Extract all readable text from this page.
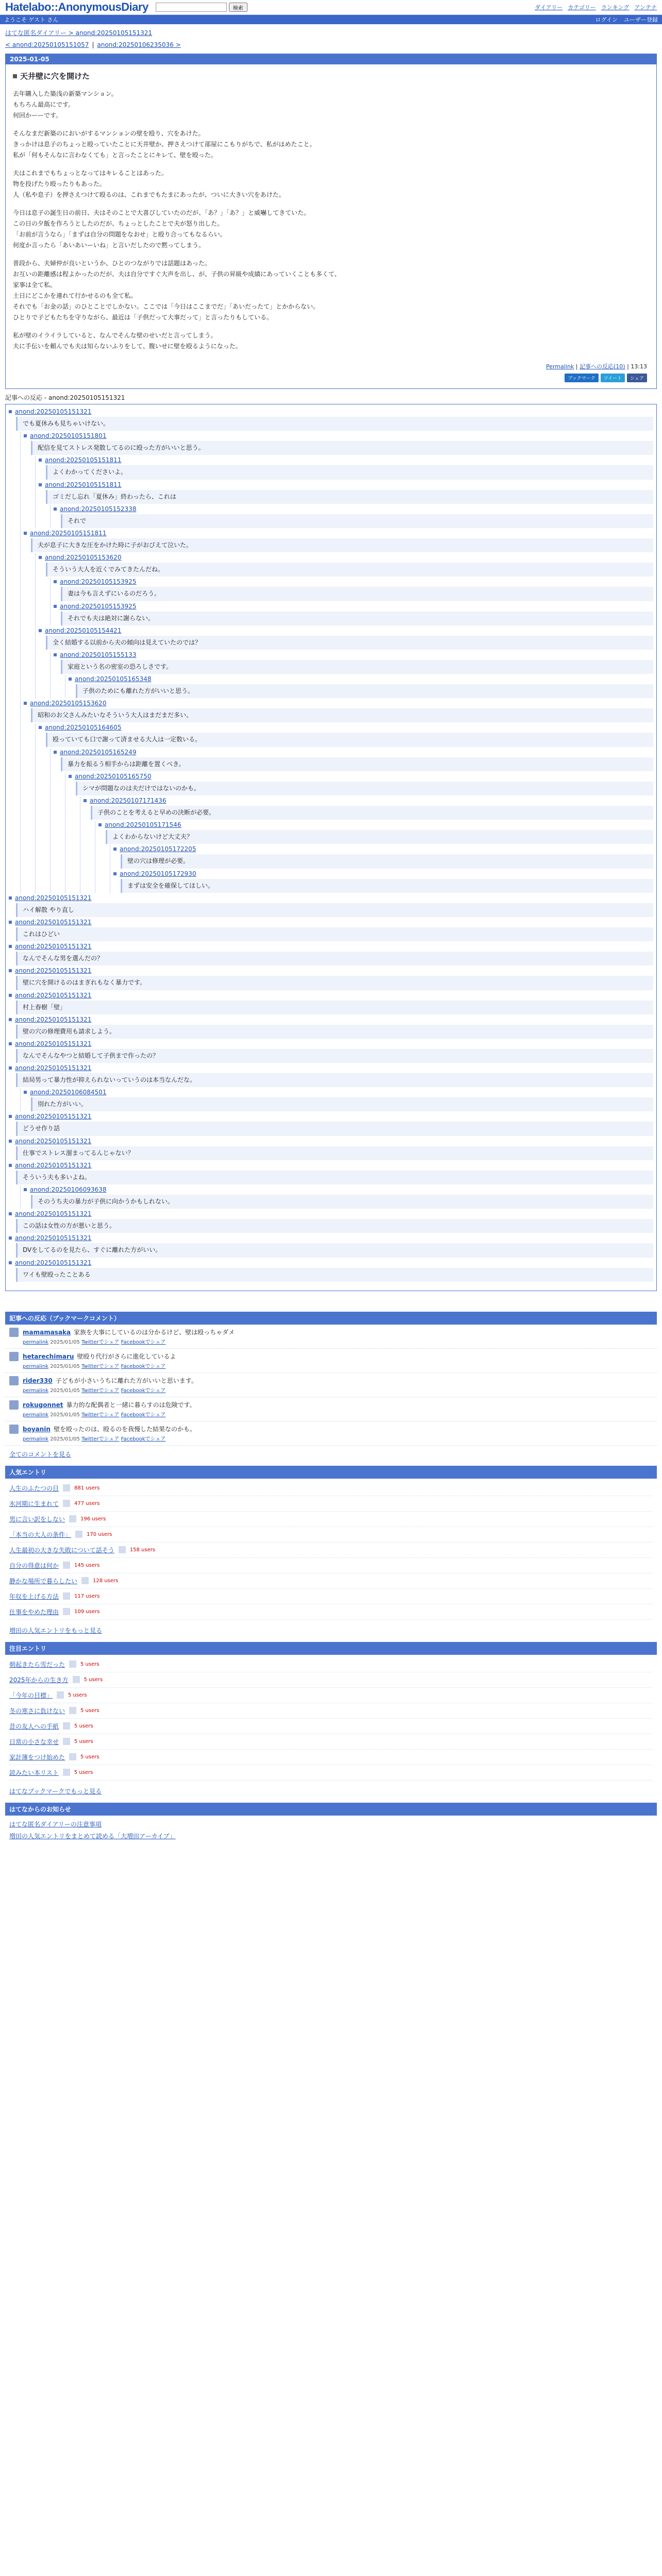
Hatelabo::AnonymousDiary	検索	ダイアリー カテゴリー ランキング アンテナ
ようこそ ゲスト さん	ログイン ユーザー登録
はてな匿名ダイアリー > anond:20250105151321
< anond:20250105151057 | anond:20250106235036 >
2025-01-05
天井壁に穴を開けた

去年購入した築浅の新築マンション。
もちろん最高にです。
何回かーーです。

そんなまだ新築のにおいがするマンションの壁を殴り、穴をあけた。
きっかけは息子のちょっと殴っていたことに天井壁か、押さえつけて部屋にこもりがちで、私がはめたこと。
私が「何もそんなに言わなくても」と言ったことにキレて、壁を殴った。

夫はこれまでもちょっとなってはキレることはあった。
物を投げたり殴ったりもあった。
人（私や息子）を押さえつけて殴るのは、これまでもたまにあったが、ついに大きい穴をあけた。

今日は息子の誕生日の前日、夫はそのことで大喜びしていたのだが、「あ？」「あ？」と威嚇してきていた。
この日の夕飯を作ろうとしたのだが、ちょっとしたことで夫が怒り出した。
「お前が言うなら」「まずは自分の問題をなおせ」と殴り合ってもなるらい。
何度か言ったら「あいあいーいね」と言いだしたので黙ってしまう。

普段から、夫婦仲が良いというか、ひとのつながりでは話題はあった。
お互いの距離感は程よかったのだが、夫は自分ですぐ大声を出し、が、子供の昇級や成績にあっていくことも多くて、
家事は全て私。
土日にどこかを連れて行かせるのも全て私。
それでも「お金の話」のひとことでしかない。ここでは「今日はここまでだ」「あいだったて」とかからない。
ひとりで子どもたちを守りながら、最近は「子供だって大事だって」と言ったりもしている。

私が壁のイライラしていると、なんでそんな壁のせいだと言ってしまう。
夫に手伝いを頼んでも夫は知らないふりをして、腹いせに壁を殴るようになった。

Permalink | 記事への反応(10) | 13:13
ブックマーク	ツイート	シェア
記事への反応 - anond:20250105151321
anond:20250105151321
でも夏休みも見ちゃいけない。
anond:20250105151801
配信を見てストレス発散してるのに殴った方がいいと思う。
anond:20250105151811
よくわかってくださいよ。
anond:20250105151811
ゴミだし忘れ「夏休み」終わったら、これは
anond:20250105152338
それで
anond:20250105151811
夫が息子に大きな圧をかけた時に子がおびえて泣いた。
anond:20250105153620
そういう大人を近くでみてきたんだね。
anond:20250105153925
妻は今も言えずにいるのだろう。
anond:20250105153925
それでも夫は絶対に謝らない。
anond:20250105154421
全く結婚する以前から夫の傾向は見えていたのでは？
anond:20250105155133
家庭という名の密室の恐ろしさです。
anond:20250105165348
子供のためにも離れた方がいいと思う。
anond:20250105153620
昭和のお父さんみたいなそういう大人はまだまだ多い。
anond:20250105164605
殴っていても口で謝って済ませる大人は一定数いる。
anond:20250105165249
暴力を振るう相手からは距離を置くべき。
anond:20250105165750
シマが問題なのは夫だけではないのかも。
anond:20250107171436
子供のことを考えると早めの決断が必要。
anond:20250105171546
よくわからないけど大丈夫？
anond:20250105172205
壁の穴は修理が必要。
anond:20250105172930
まずは安全を確保してほしい。
anond:20250105151321
ハイ解散 やり直し
anond:20250105151321
これはひどい
anond:20250105151321
なんでそんな男を選んだの？
anond:20250105151321
壁に穴を開けるのはまぎれもなく暴力です。
anond:20250105151321
村上春樹「壁」
anond:20250105151321
壁の穴の修理費用も請求しよう。
anond:20250105151321
なんでそんなやつと結婚して子供まで作ったの？
anond:20250105151321
結局男って暴力性が抑えられないっていうのは本当なんだな。
anond:20250106084501
別れた方がいい。
anond:20250105151321
どうせ作り話
anond:20250105151321
仕事でストレス溜まってるんじゃない？
anond:20250105151321
そういう夫も多いよね。
anond:20250106093638
そのうち夫の暴力が子供に向かうかもしれない。
anond:20250105151321
この話は女性の方が悪いと思う。
anond:20250105151321
DVをしてるのを見たら、すぐに離れた方がいい。
anond:20250105151321
ワイも壁殴ったことある
記事への反応（ブックマークコメント）
mamamasaka 家族を大事にしているのは分かるけど、壁は殴っちゃダメ
permalink 2025/01/05 Twitterでシェア Facebookでシェア
hetarechimaru 壁殴り代行がさらに進化しているよ
permalink 2025/01/05 Twitterでシェア Facebookでシェア
rider330 子どもが小さいうちに離れた方がいいと思います。
permalink 2025/01/05 Twitterでシェア Facebookでシェア
rokugonnet 暴力的な配偶者と一緒に暮らすのは危険です。
permalink 2025/01/05 Twitterでシェア Facebookでシェア
boyanin 壁を殴ったのは、殴るのを我慢した結果なのかも。
permalink 2025/01/05 Twitterでシェア Facebookでシェア
全てのコメントを見る
人気エントリ
人生のふたつの目	881 users
氷河期に生まれて	477 users
男に言い訳をしない	196 users
「本当の大人の条件」	170 users
人生最初の大きな失敗について話そう	158 users
自分の得意は何か	145 users
静かな場所で暮らしたい	128 users
年収を上げる方法	117 users
仕事をやめた理由	109 users
増田の人気エントリをもっと見る
注目エントリ
朝起きたら雪だった	5 users
2025年からの生き方	5 users
「今年の目標」	5 users
冬の寒さに負けない	5 users
昔の友人への手紙	5 users
日常の小さな幸せ	5 users
家計簿をつけ始めた	5 users
読みたい本リスト	5 users
はてなブックマークでもっと見る
はてなからのお知らせ
はてな匿名ダイアリーの注意事項
増田の人気エントリをまとめて読める「大増田アーカイブ」
